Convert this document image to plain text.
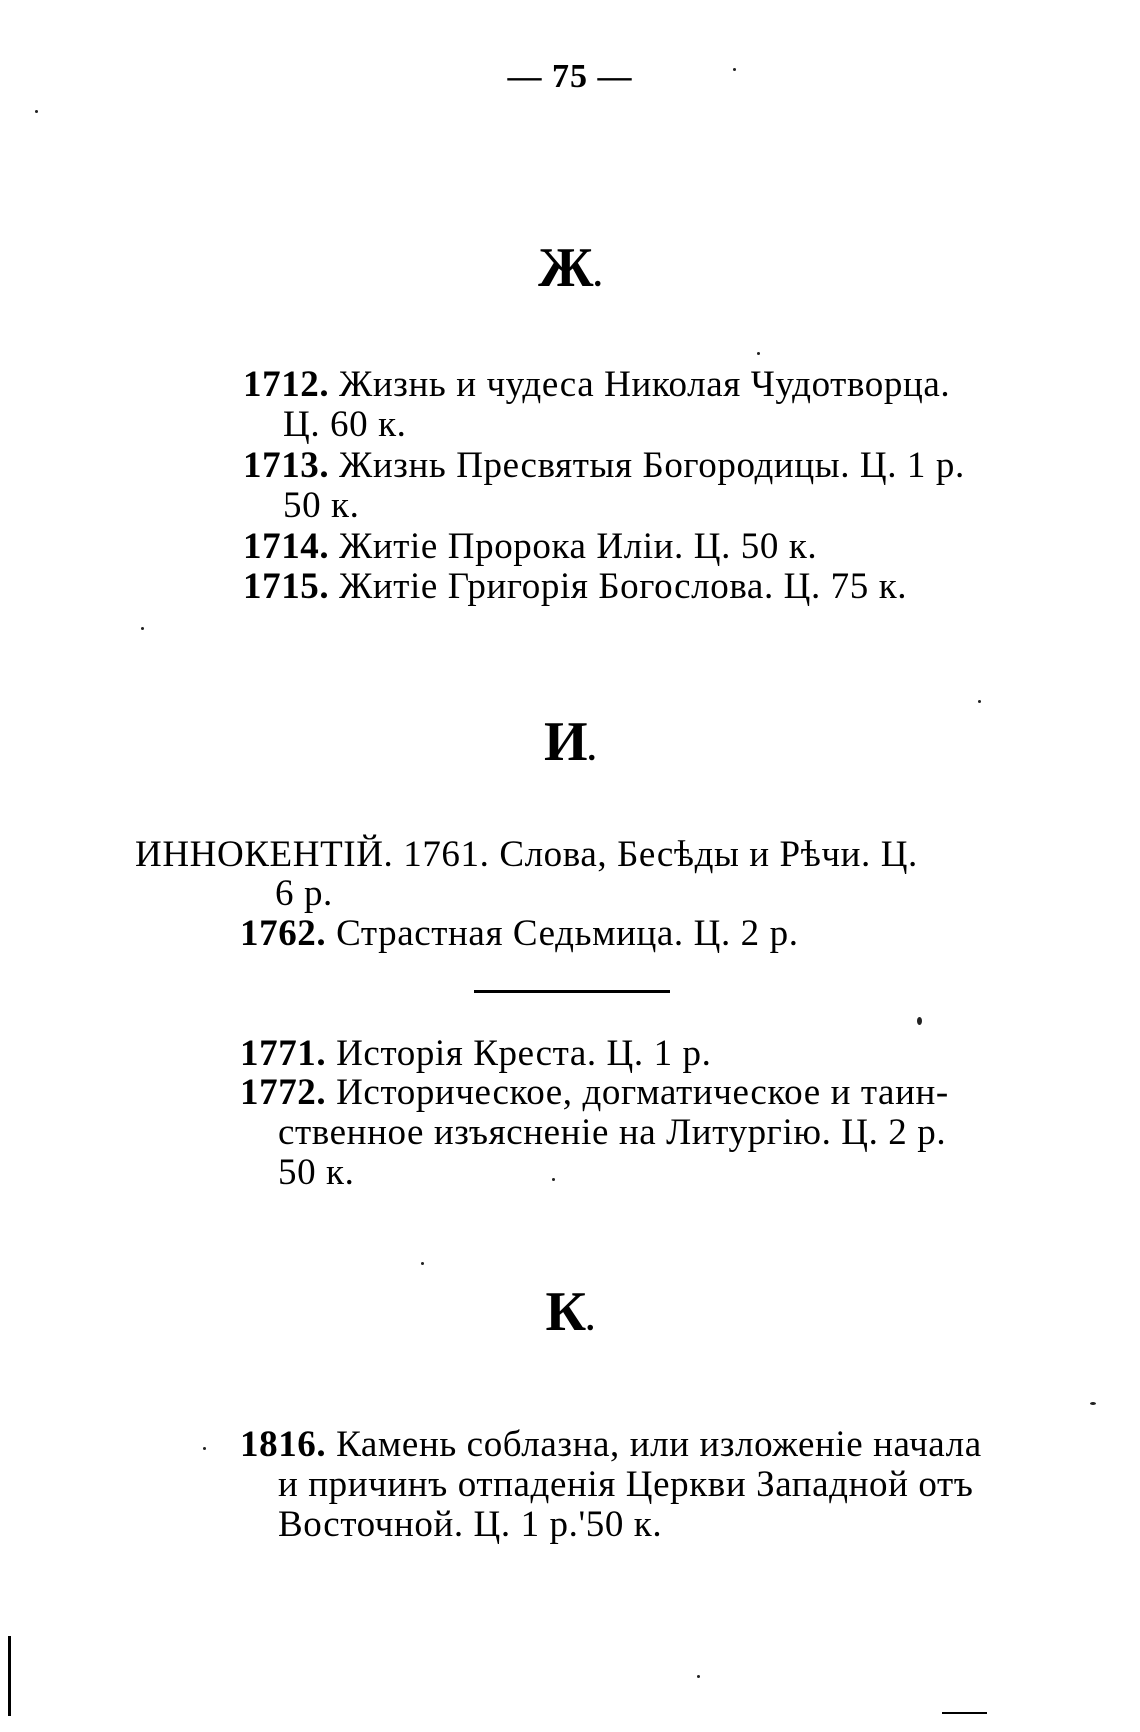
— 75 —
Ж.
1712. Жизнь и чудеса Николая Чудотворца.
Ц. 60 к.
1713. Жизнь Пресвятыя Богородицы. Ц. 1 р.
50 к.
1714. Житіе Пророка Иліи. Ц. 50 к.
1715. Житіе Григорія Богослова. Ц. 75 к.
И.
ИННОКЕНТІЙ. 1761. Слова, Бесѣды и Рѣчи. Ц.
6 р.
1762. Страстная Седьмица. Ц. 2 р.
1771. Исторія Креста. Ц. 1 р.
1772. Историческое, догматическое и таин-
ственное изъясненіе на Литургію. Ц. 2 р.
50 к.
К.
1816. Камень соблазна, или изложеніе начала
и причинъ отпаденія Церкви Западной отъ
Восточной. Ц. 1 р.'50 к.
